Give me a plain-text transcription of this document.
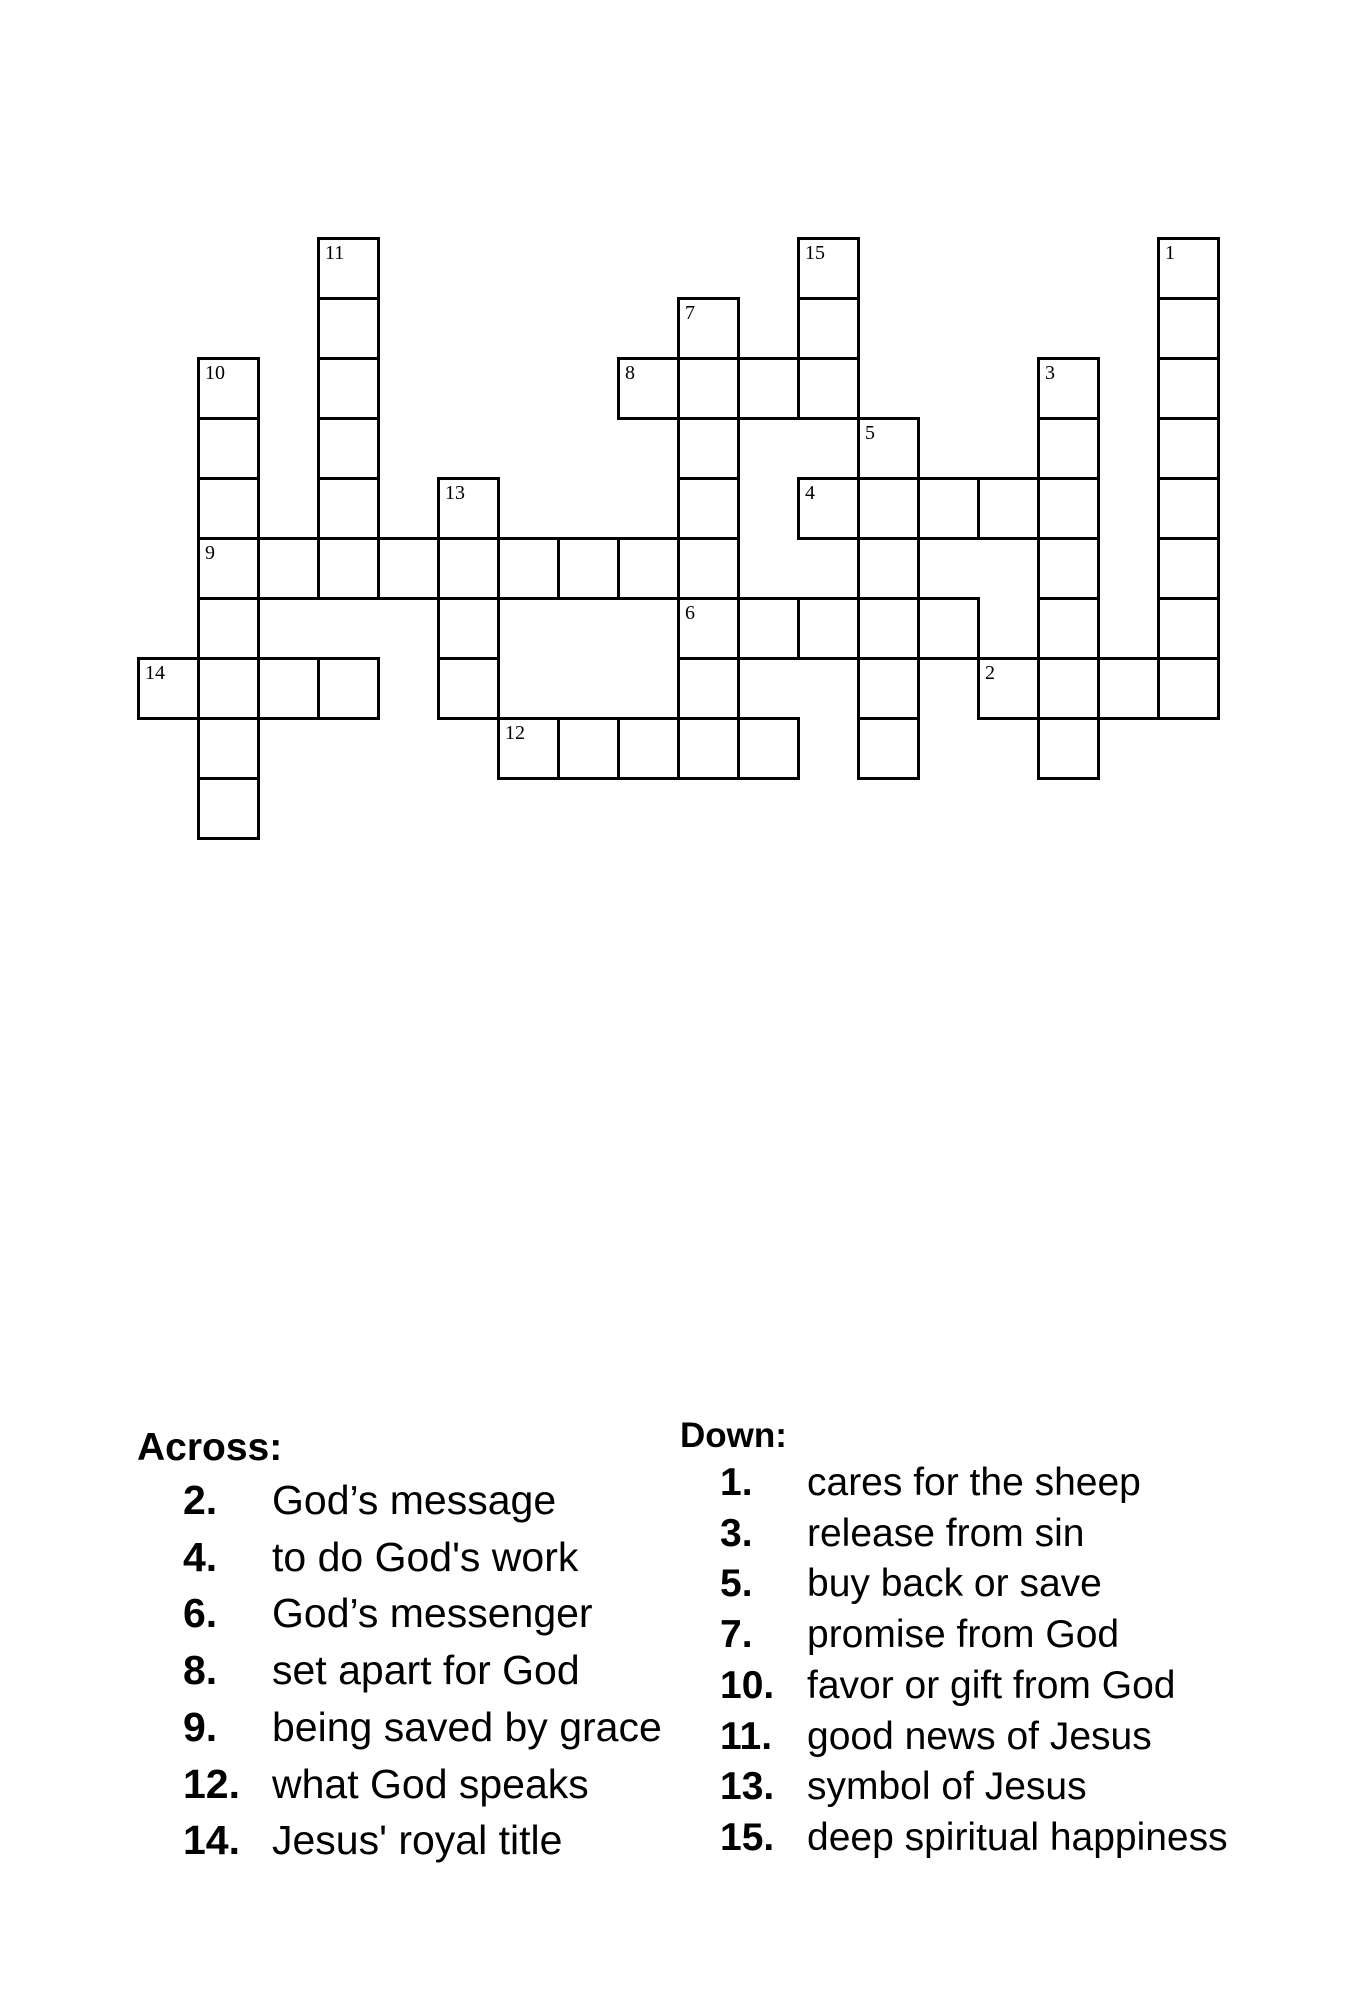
11	15	1
7
10	8	3
5
13	4
9
6
14	2
12
Across:	Down:
2. God’s message
4. to do God's work
6. God’s messenger
8. set apart for God
9. being saved by grace
12. what God speaks
14. Jesus' royal title
1. cares for the sheep
3. release from sin
5. buy back or save
7. promise from God
10. favor or gift from God
11. good news of Jesus
13. symbol of Jesus
15. deep spiritual happiness
